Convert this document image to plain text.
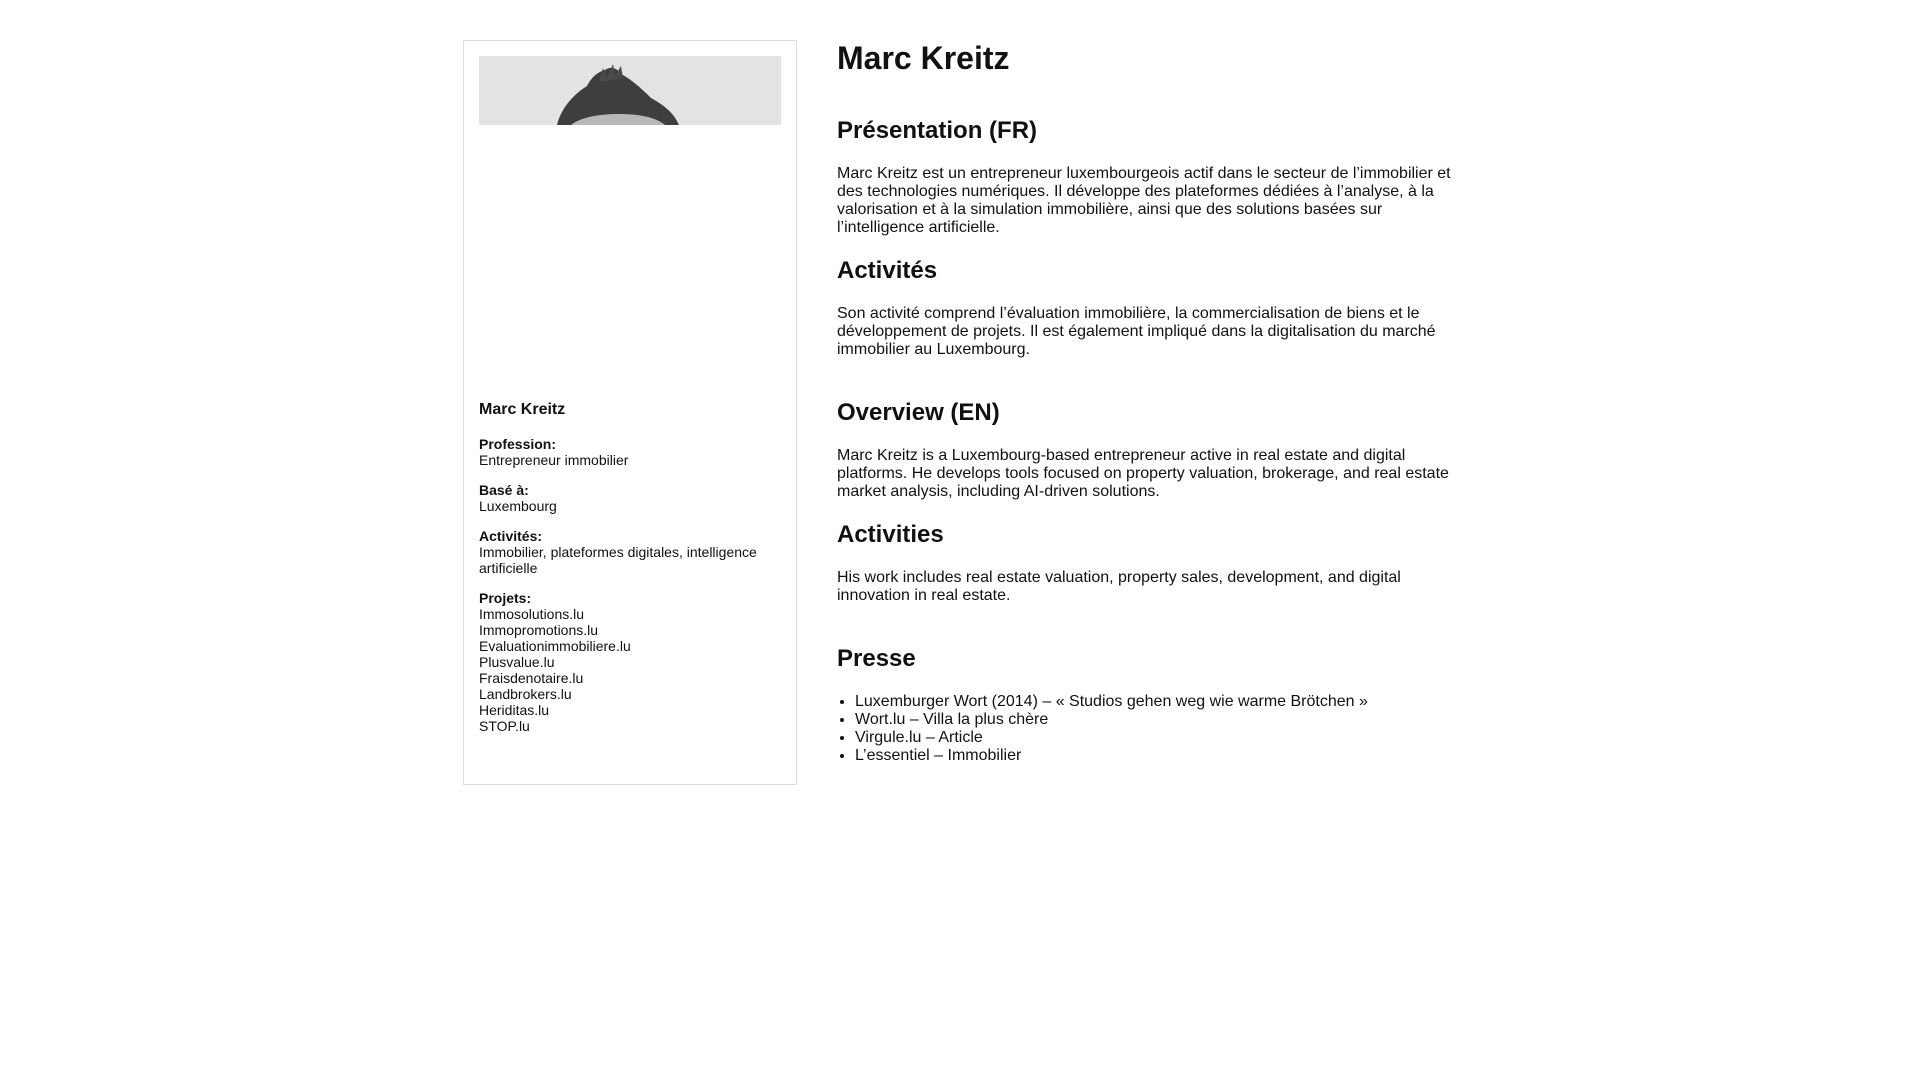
Marc Kreitz
Profession:
Entrepreneur immobilier
Basé à:
Luxembourg
Activités:
Immobilier, plateformes digitales, intelligence artificielle
Projets:
Immosolutions.lu
Immopromotions.lu
Evaluationimmobiliere.lu
Plusvalue.lu
Fraisdenotaire.lu
Landbrokers.lu
Heriditas.lu
STOP.lu
Marc Kreitz
Présentation (FR)

Marc Kreitz est un entrepreneur luxembourgeois actif dans le secteur de l’immobilier et des technologies numériques. Il développe des plateformes dédiées à l’analyse, à la valorisation et à la simulation immobilière, ainsi que des solutions basées sur l’intelligence artificielle.

Activités

Son activité comprend l’évaluation immobilière, la commercialisation de biens et le développement de projets. Il est également impliqué dans la digitalisation du marché immobilier au Luxembourg.

Overview (EN)

Marc Kreitz is a Luxembourg-based entrepreneur active in real estate and digital platforms. He develops tools focused on property valuation, brokerage, and real estate market analysis, including AI-driven solutions.

Activities

His work includes real estate valuation, property sales, development, and digital innovation in real estate.

Presse
• Luxemburger Wort (2014) – « Studios gehen weg wie warme Brötchen »
• Wort.lu – Villa la plus chère
• Virgule.lu – Article
• L’essentiel – Immobilier
